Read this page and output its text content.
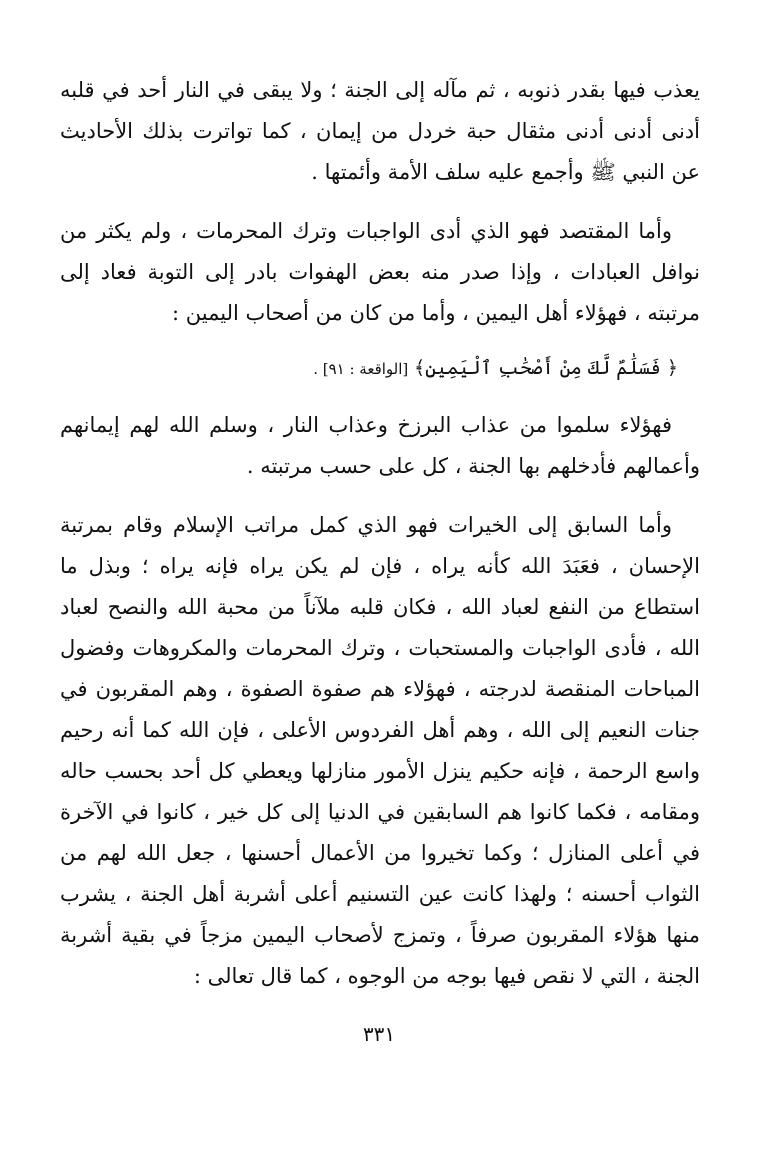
يعذب فيها بقدر ذنوبه ، ثم مآله إلى الجنة ؛ ولا يبقى في النار أحد في قلبه أدنى أدنى أدنى مثقال حبة خردل من إيمان ، كما تواترت بذلك الأحاديث عن النبي ﷺ وأجمع عليه سلف الأمة وأئمتها .

وأما المقتصد فهو الذي أدى الواجبات وترك المحرمات ، ولم يكثر من نوافل العبادات ، وإذا صدر منه بعض الهفوات بادر إلى التوبة فعاد إلى مرتبته ، فهؤلاء أهل اليمين ، وأما من كان من أصحاب اليمين :

﴿ فَسَلَٰمٌ لَّكَ مِنْ أَصْحَٰبِ ٱلْيَمِينِ﴾ [الواقعة : ٩١] .

فهؤلاء سلموا من عذاب البرزخ وعذاب النار ، وسلم الله لهم إيمانهم وأعمالهم فأدخلهم بها الجنة ، كل على حسب مرتبته .

وأما السابق إلى الخيرات فهو الذي كمل مراتب الإسلام وقام بمرتبة الإحسان ، فعَبَدَ الله كأنه يراه ، فإن لم يكن يراه فإنه يراه ؛ وبذل ما استطاع من النفع لعباد الله ، فكان قلبه ملآناً من محبة الله والنصح لعباد الله ، فأدى الواجبات والمستحبات ، وترك المحرمات والمكروهات وفضول المباحات المنقصة لدرجته ، فهؤلاء هم صفوة الصفوة ، وهم المقربون في جنات النعيم إلى الله ، وهم أهل الفردوس الأعلى ، فإن الله كما أنه رحيم واسع الرحمة ، فإنه حكيم ينزل الأمور منازلها ويعطي كل أحد بحسب حاله ومقامه ، فكما كانوا هم السابقين في الدنيا إلى كل خير ، كانوا في الآخرة في أعلى المنازل ؛ وكما تخيروا من الأعمال أحسنها ، جعل الله لهم من الثواب أحسنه ؛ ولهذا كانت عين التسنيم أعلى أشربة أهل الجنة ، يشرب منها هؤلاء المقربون صرفاً ، وتمزج لأصحاب اليمين مزجاً في بقية أشربة الجنة ، التي لا نقص فيها بوجه من الوجوه ، كما قال تعالى :

٣٣١
